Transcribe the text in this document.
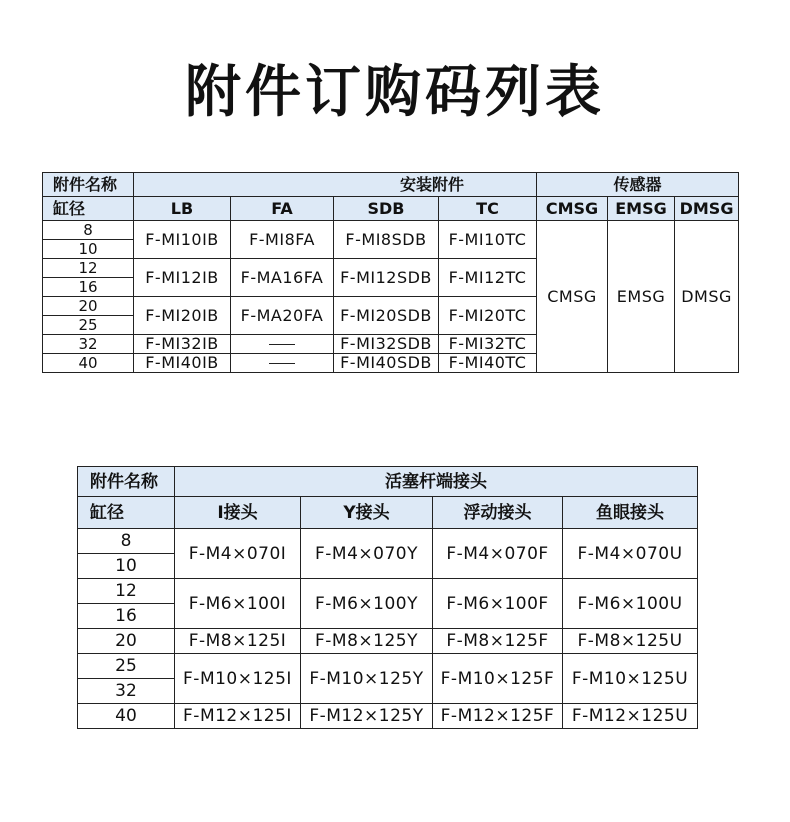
附件订购码列表
附件名称	安装附件				传感器		
缸径	LB	FA	SDB	TC	CMSG	EMSG	DMSG
8	F-MI10IB	F-MI8FA	F-MI8SDB	F-MI10TC	CMSG	EMSG	DMSG
10							
12	F-MI12IB	F-MA16FA	F-MI12SDB	F-MI12TC			
16							
20	F-MI20IB	F-MA20FA	F-MI20SDB	F-MI20TC			
25							
32	F-MI32IB		F-MI32SDB	F-MI32TC			
40	F-MI40IB		F-MI40SDB	F-MI40TC			
附件名称	活塞杆端接头			
缸径	I接头	Y接头	浮动接头	鱼眼接头
8	F-M4×070I	F-M4×070Y	F-M4×070F	F-M4×070U
10				
12	F-M6×100I	F-M6×100Y	F-M6×100F	F-M6×100U
16				
20	F-M8×125I	F-M8×125Y	F-M8×125F	F-M8×125U
25	F-M10×125I	F-M10×125Y	F-M10×125F	F-M10×125U
32				
40	F-M12×125I	F-M12×125Y	F-M12×125F	F-M12×125U
